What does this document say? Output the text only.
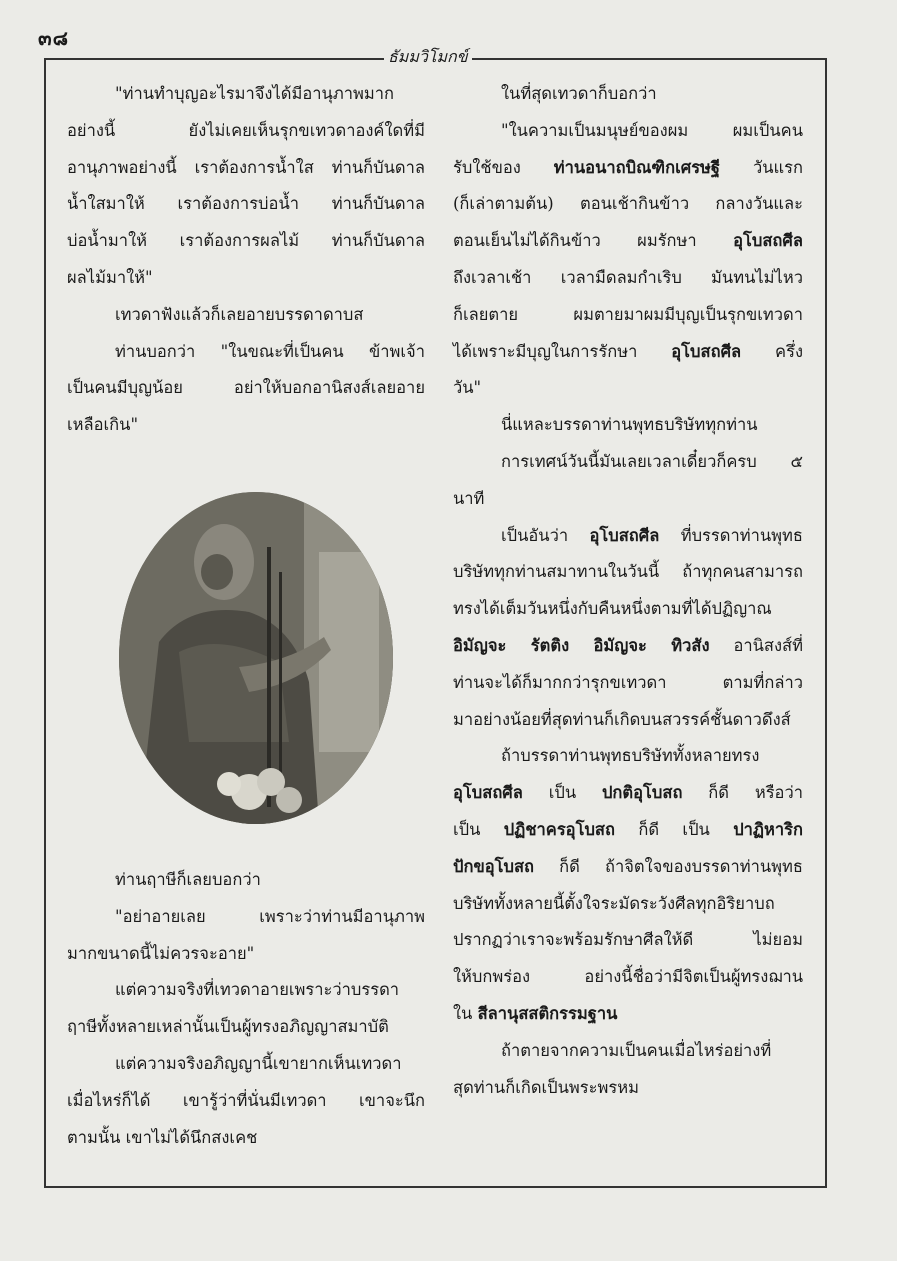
๓๘
ธัมมวิโมกข์

"ท่านทำบุญอะไรมาจึงได้มีอานุภาพมาก

อย่างนี้ ยังไม่เคยเห็นรุกขเทวดาองค์ใดที่มี

อานุภาพอย่างนี้ เราต้องการน้ำใส ท่านก็บันดาล

น้ำใสมาให้ เราต้องการบ่อน้ำ ท่านก็บันดาล

บ่อน้ำมาให้ เราต้องการผลไม้ ท่านก็บันดาล

ผลไม้มาให้"

เทวดาฟังแล้วก็เลยอายบรรดาดาบส

ท่านบอกว่า "ในขณะที่เป็นคน ข้าพเจ้า

เป็นคนมีบุญน้อย อย่าให้บอกอานิสงส์เลยอาย

เหลือเกิน"

ท่านฤาษีก็เลยบอกว่า

"อย่าอายเลย เพราะว่าท่านมีอานุภาพ

มากขนาดนี้ไม่ควรจะอาย"

แต่ความจริงที่เทวดาอายเพราะว่าบรรดา

ฤาษีทั้งหลายเหล่านั้นเป็นผู้ทรงอภิญญาสมาบัติ

แต่ความจริงอภิญญานี้เขายากเห็นเทวดา

เมื่อไหร่ก็ได้ เขารู้ว่าที่นั่นมีเทวดา เขาจะนึก

ตามนั้น เขาไม่ได้นึกสงเคช

ในที่สุดเทวดาก็บอกว่า

"ในความเป็นมนุษย์ของผม ผมเป็นคน

รับใช้ของ ท่านอนาถบิณฑิกเศรษฐี วันแรก

(ก็เล่าตามต้น) ตอนเช้ากินข้าว กลางวันและ

ตอนเย็นไม่ได้กินข้าว ผมรักษา อุโบสถศีล

ถึงเวลาเช้า เวลามืดลมกำเริบ มันทนไม่ไหว

ก็เลยตาย ผมตายมาผมมีบุญเป็นรุกขเทวดา

ได้เพราะมีบุญในการรักษา อุโบสถศีล ครึ่ง

วัน"

นี่แหละบรรดาท่านพุทธบริษัททุกท่าน

การเทศน์วันนี้มันเลยเวลาเดี๋ยวก็ครบ ๕

นาที

เป็นอันว่า อุโบสถศีล ที่บรรดาท่านพุทธ

บริษัททุกท่านสมาทานในวันนี้ ถ้าทุกคนสามารถ

ทรงได้เต็มวันหนึ่งกับคืนหนึ่งตามที่ได้ปฏิญาณ

อิมัญจะ รัตติง อิมัญจะ ทิวสัง อานิสงส์ที่

ท่านจะได้ก็มากกว่ารุกขเทวดา ตามที่กล่าว

มาอย่างน้อยที่สุดท่านก็เกิดบนสวรรค์ชั้นดาวดึงส์

ถ้าบรรดาท่านพุทธบริษัททั้งหลายทรง

อุโบสถศีล เป็น ปกติอุโบสถ ก็ดี หรือว่า

เป็น ปฏิชาครอุโบสถ ก็ดี เป็น ปาฏิหาริก

ปักขอุโบสถ ก็ดี ถ้าจิตใจของบรรดาท่านพุทธ

บริษัททั้งหลายนี้ตั้งใจระมัดระวังศีลทุกอิริยาบถ

ปรากฏว่าเราจะพร้อมรักษาศีลให้ดี ไม่ยอม

ให้บกพร่อง อย่างนี้ชื่อว่ามีจิตเป็นผู้ทรงฌาน

ใน สีลานุสสติกรรมฐาน

ถ้าตายจากความเป็นคนเมื่อไหร่อย่างที่

สุดท่านก็เกิดเป็นพระพรหม
